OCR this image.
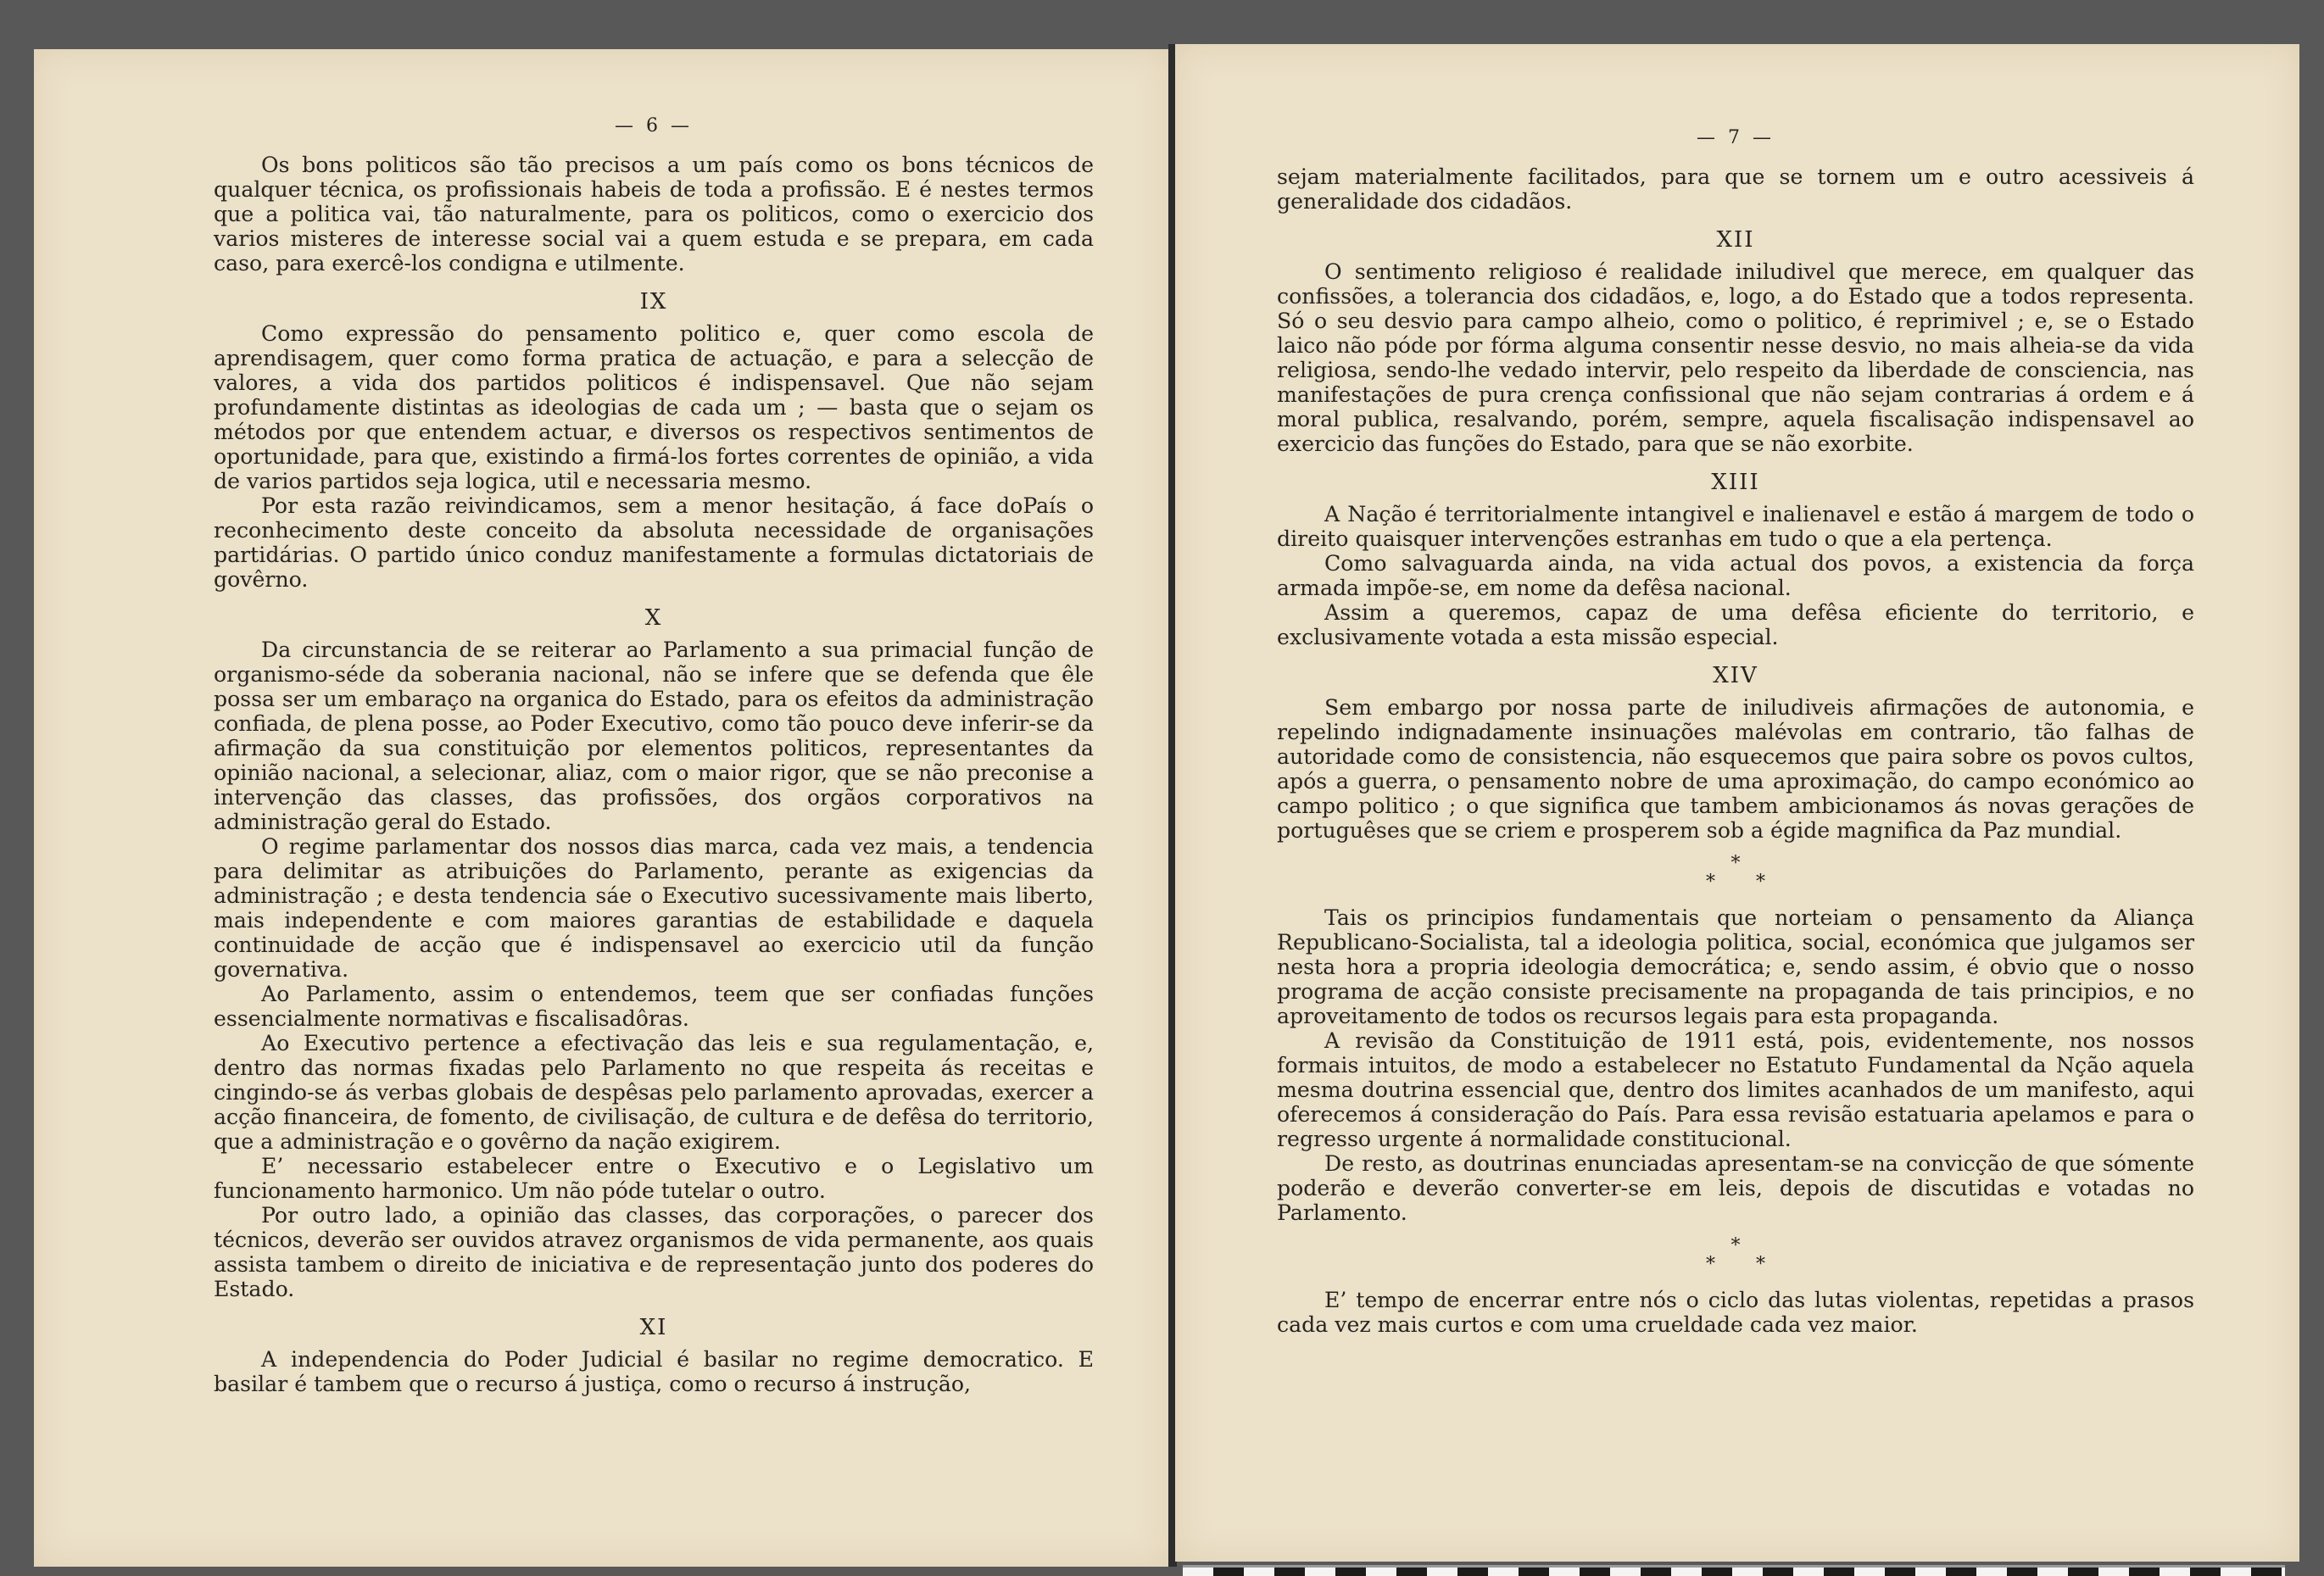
— 6 —

Os bons politicos são tão precisos a um país como os bons técnicos de qualquer técnica, os profissionais habeis de toda a profissão. E é nestes termos que a politica vai, tão naturalmente, para os politicos, como o exercicio dos varios misteres de interesse social vai a quem estuda e se prepara, em cada caso, para exercê-los condigna e utilmente.

IX

Como expressão do pensamento politico e, quer como escola de aprendisagem, quer como forma pratica de actuação, e para a selecção de valores, a vida dos partidos politicos é indispensavel. Que não sejam profundamente distintas as ideologias de cada um ; — basta que o sejam os métodos por que entendem actuar, e diversos os respectivos sentimentos de oportunidade, para que, existindo a firmá-los fortes correntes de opinião, a vida de varios partidos seja logica, util e necessaria mesmo.

Por esta razão reivindicamos, sem a menor hesitação, á face doPaís o reconhecimento deste conceito da absoluta necessidade de organisações partidárias. O partido único conduz manifestamente a formulas dictatoriais de govêrno.

X

Da circunstancia de se reiterar ao Parlamento a sua primacial função de organismo-séde da soberania nacional, não se infere que se defenda que êle possa ser um embaraço na organica do Estado, para os efeitos da administração confiada, de plena posse, ao Poder Executivo, como tão pouco deve inferir-se da afirmação da sua constituição por elementos politicos, representantes da opinião nacional, a selecionar, aliaz, com o maior rigor, que se não preconise a intervenção das classes, das profissões, dos orgãos corporativos na administração geral do Estado.

O regime parlamentar dos nossos dias marca, cada vez mais, a tendencia para delimitar as atribuições do Parlamento, perante as exigencias da administração ; e desta tendencia sáe o Executivo sucessivamente mais liberto, mais independente e com maiores garantias de estabilidade e daquela continuidade de acção que é indispensavel ao exercicio util da função governativa.

Ao Parlamento, assim o entendemos, teem que ser confiadas funções essencialmente normativas e fiscalisadôras.

Ao Executivo pertence a efectivação das leis e sua regulamentação, e, dentro das normas fixadas pelo Parlamento no que respeita ás receitas e cingindo-se ás verbas globais de despêsas pelo parlamento aprovadas, exercer a acção financeira, de fomento, de civilisação, de cultura e de defêsa do territorio, que a administração e o govêrno da nação exigirem.

E’ necessario estabelecer entre o Executivo e o Legislativo um funcionamento harmonico. Um não póde tutelar o outro.

Por outro lado, a opinião das classes, das corporações, o parecer dos técnicos, deverão ser ouvidos atravez organismos de vida permanente, aos quais assista tambem o direito de iniciativa e de representação junto dos poderes do Estado.

XI

A independencia do Poder Judicial é basilar no regime democratico. E basilar é tambem que o recurso á justiça, como o recurso á instrução,

— 7 —

sejam materialmente facilitados, para que se tornem um e outro acessiveis á generalidade dos cidadãos.

XII

O sentimento religioso é realidade iniludivel que merece, em qualquer das confissões, a tolerancia dos cidadãos, e, logo, a do Estado que a todos representa. Só o seu desvio para campo alheio, como o politico, é reprimivel ; e, se o Estado laico não póde por fórma alguma consentir nesse desvio, no mais alheia-se da vida religiosa, sendo-lhe vedado intervir, pelo respeito da liberdade de consciencia, nas manifestações de pura crença confissional que não sejam contrarias á ordem e á moral publica, resalvando, porém, sempre, aquela fiscalisação indispensavel ao exercicio das funções do Estado, para que se não exorbite.

XIII

A Nação é territorialmente intangivel e inalienavel e estão á margem de todo o direito quaisquer intervenções estranhas em tudo o que a ela pertença.

Como salvaguarda ainda, na vida actual dos povos, a existencia da força armada impõe-se, em nome da defêsa nacional.

Assim a queremos, capaz de uma defêsa eficiente do territorio, e exclusivamente votada a esta missão especial.

XIV

Sem embargo por nossa parte de iniludiveis afirmações de autonomia, e repelindo indignadamente insinuações malévolas em contrario, tão falhas de autoridade como de consistencia, não esquecemos que paira sobre os povos cultos, após a guerra, o pensamento nobre de uma aproximação, do campo económico ao campo politico ; o que significa que tambem ambicionamos ás novas gerações de portuguêses que se criem e prosperem sob a égide magnifica da Paz mundial.

*
**

Tais os principios fundamentais que norteiam o pensamento da Aliança Republicano-Socialista, tal a ideologia politica, social, económica que julgamos ser nesta hora a propria ideologia democrática; e, sendo assim, é obvio que o nosso programa de acção consiste precisamente na propaganda de tais principios, e no aproveitamento de todos os recursos legais para esta propaganda.

A revisão da Constituição de 1911 está, pois, evidentemente, nos nossos formais intuitos, de modo a estabelecer no Estatuto Fundamental da Nção aquela mesma doutrina essencial que, dentro dos limites acanhados de um manifesto, aqui oferecemos á consideração do País. Para essa revisão estatuaria apelamos e para o regresso urgente á normalidade constitucional.

De resto, as doutrinas enunciadas apresentam-se na convicção de que sómente poderão e deverão converter-se em leis, depois de discutidas e votadas no Parlamento.

*
**

E’ tempo de encerrar entre nós o ciclo das lutas violentas, repetidas a prasos cada vez mais curtos e com uma crueldade cada vez maior.
